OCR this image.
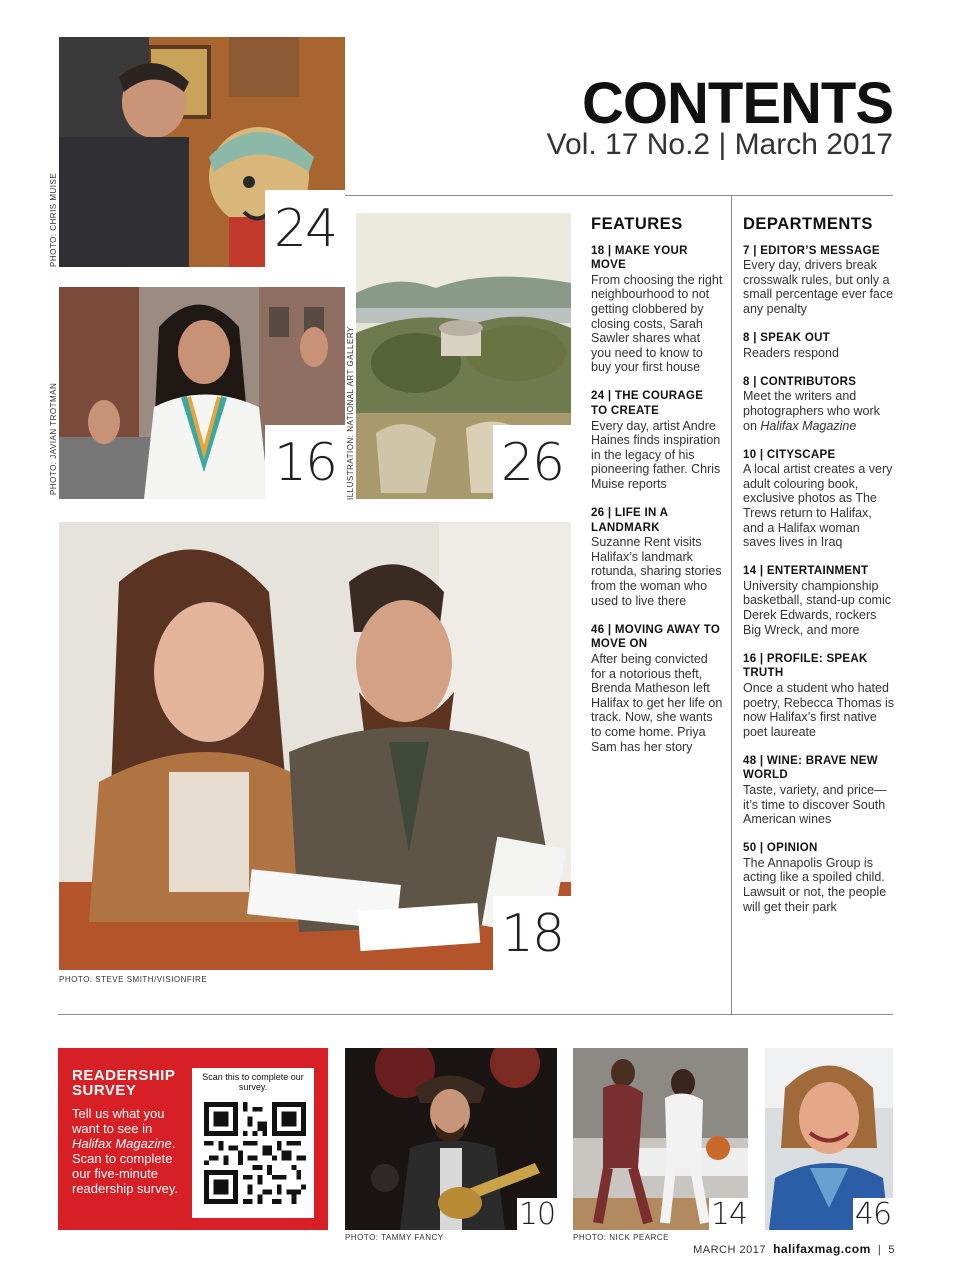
CONTENTS
Vol. 17 No.2 | March 2017
24
PHOTO: CHRIS MUISE
16
PHOTO: JAVIAN TROTMAN	26
ILLUSTRATION: NATIONAL ART GALLERY
18
PHOTO: STEVE SMITH/VISIONFIRE
FEATURES
18 | MAKE YOUR MOVE
From choosing the right neighbourhood to not getting clobbered by closing costs, Sarah Sawler shares what you need to know to buy your first house
24 | THE COURAGE TO CREATE
Every day, artist Andre Haines finds inspiration in the legacy of his pioneering father. Chris Muise reports
26 | LIFE IN A LANDMARK
Suzanne Rent visits Halifax’s landmark rotunda, sharing stories from the woman who used to live there
46 | MOVING AWAY TO MOVE ON
After being convicted for a notorious theft, Brenda Matheson left Halifax to get her life on track. Now, she wants to come home. Priya Sam has her story
DEPARTMENTS
7 | EDITOR’S MESSAGE
Every day, drivers break crosswalk rules, but only a small percentage ever face any penalty
8 | SPEAK OUT
Readers respond
8 | CONTRIBUTORS
Meet the writers and photographers who work on Halifax Magazine
10 | CITYSCAPE
A local artist creates a very adult colouring book, exclusive photos as The Trews return to Halifax, and a Halifax woman saves lives in Iraq
14 | ENTERTAINMENT
University championship basketball, stand-up comic Derek Edwards, rockers Big Wreck, and more
16 | PROFILE: SPEAK TRUTH
Once a student who hated poetry, Rebecca Thomas is now Halifax’s first native poet laureate
48 | WINE: BRAVE NEW WORLD
Taste, variety, and price—it’s time to discover South American wines
50 | OPINION
The Annapolis Group is acting like a spoiled child. Lawsuit or not, the people will get their park
READERSHIP SURVEY
Tell us what you want to see in Halifax Magazine. Scan to complete our five-minute readership survey.
Scan this to complete our survey.
10
PHOTO: TAMMY FANCY
14
PHOTO: NICK PEARCE
46
MARCH 2017 halifaxmag.com  |  5
